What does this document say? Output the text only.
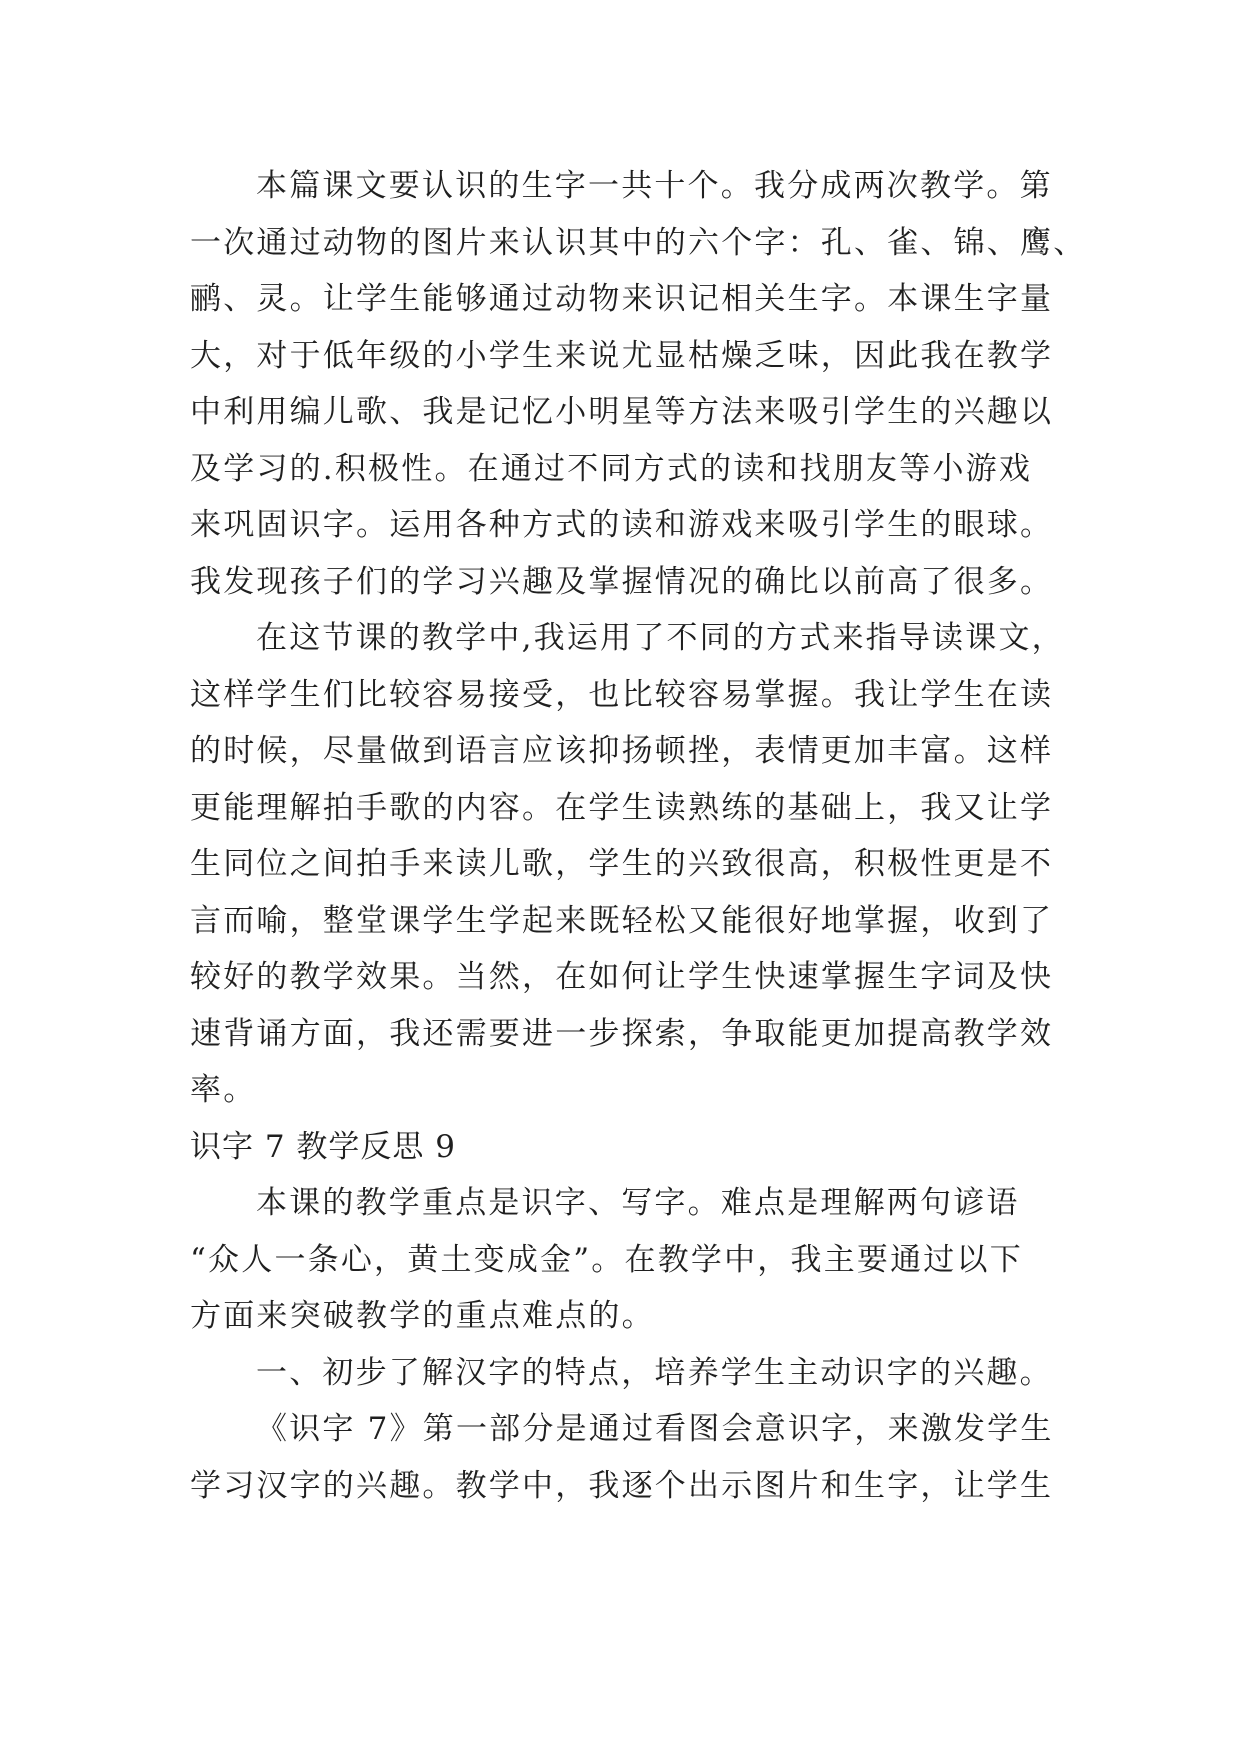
本篇课文要认识的生字一共十个。我分成两次教学。第
一次通过动物的图片来认识其中的六个字：孔、雀、锦、鹰、
鹂、灵。让学生能够通过动物来识记相关生字。本课生字量
大，对于低年级的小学生来说尤显枯燥乏味，因此我在教学
中利用编儿歌、我是记忆小明星等方法来吸引学生的兴趣以
及学习的.积极性。在通过不同方式的读和找朋友等小游戏
来巩固识字。运用各种方式的读和游戏来吸引学生的眼球。
我发现孩子们的学习兴趣及掌握情况的确比以前高了很多。
在这节课的教学中,我运用了不同的方式来指导读课文，
这样学生们比较容易接受，也比较容易掌握。我让学生在读
的时候，尽量做到语言应该抑扬顿挫，表情更加丰富。这样
更能理解拍手歌的内容。在学生读熟练的基础上，我又让学
生同位之间拍手来读儿歌，学生的兴致很高，积极性更是不
言而喻，整堂课学生学起来既轻松又能很好地掌握，收到了
较好的教学效果。当然，在如何让学生快速掌握生字词及快
速背诵方面，我还需要进一步探索，争取能更加提高教学效
率。
识字 7 教学反思 9
本课的教学重点是识字、写字。难点是理解两句谚语
“众人一条心，黄土变成金”。在教学中，我主要通过以下
方面来突破教学的重点难点的。
一、初步了解汉字的特点，培养学生主动识字的兴趣。
《识字 7》第一部分是通过看图会意识字，来激发学生
学习汉字的兴趣。教学中，我逐个出示图片和生字，让学生
